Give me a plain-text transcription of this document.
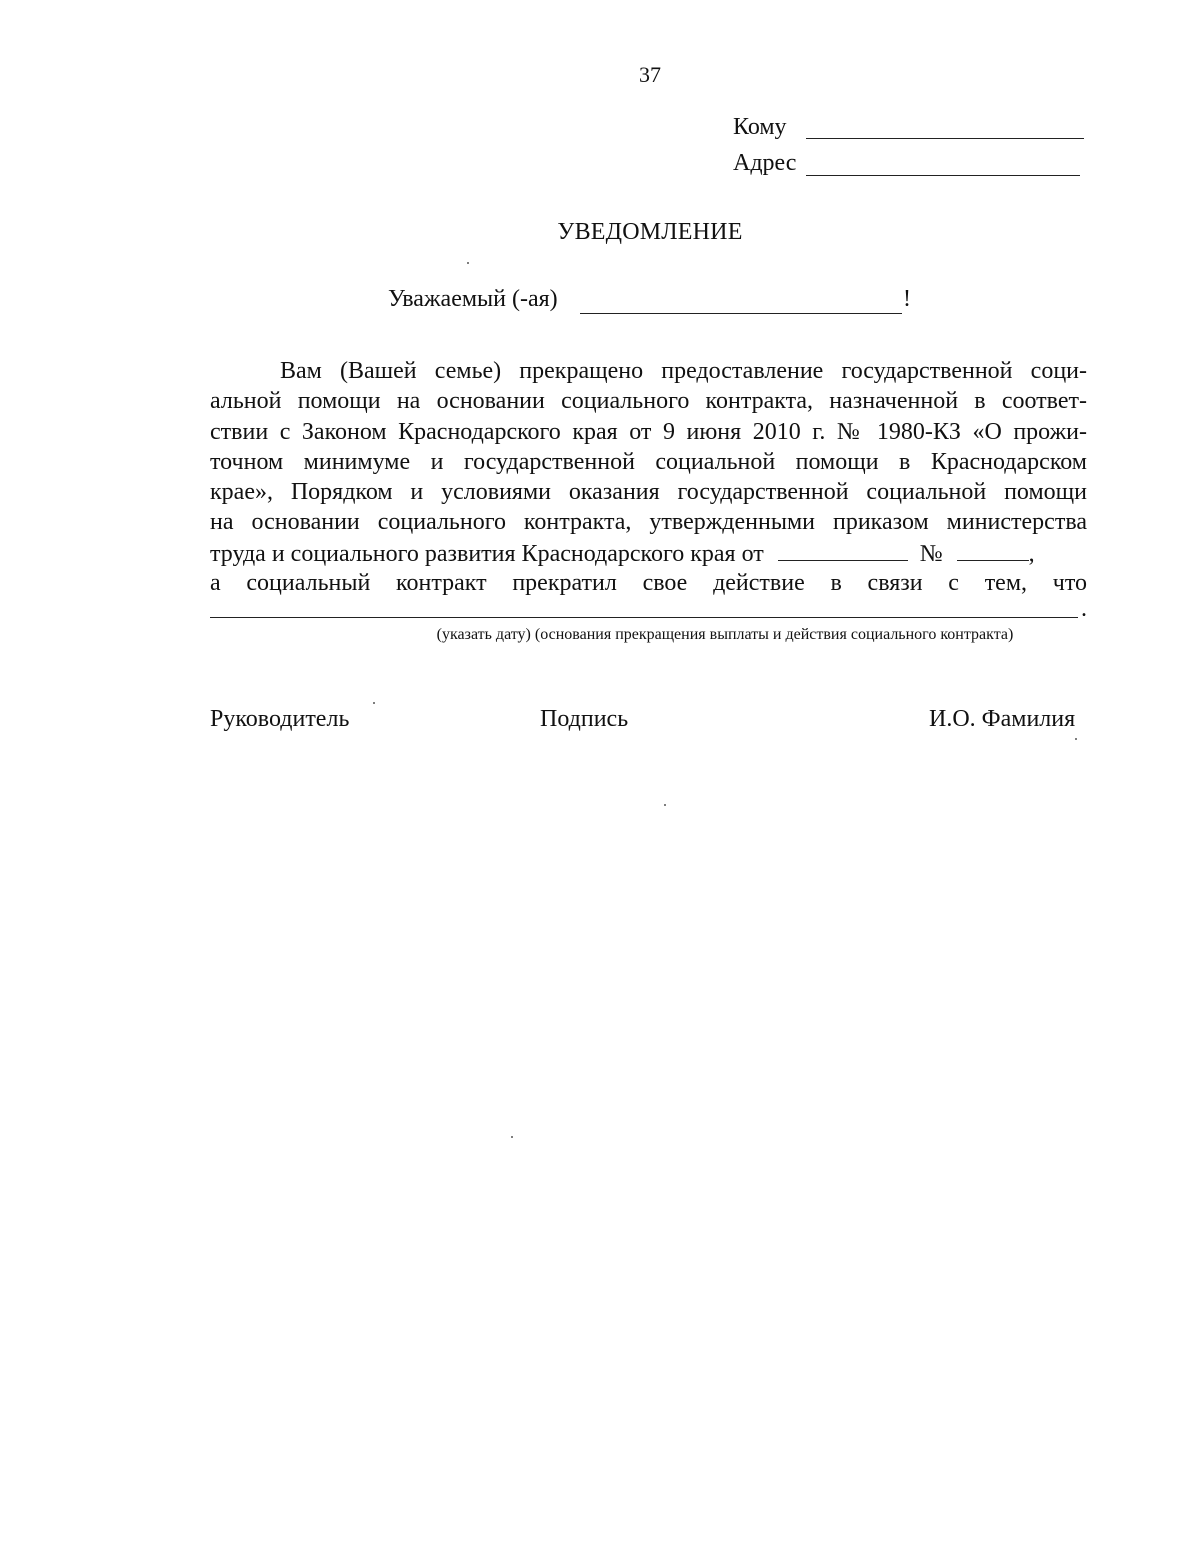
37
Кому
Адрес
УВЕДОМЛЕНИЕ
Уважаемый (-ая)	!
Вам (Вашей семье) прекращено предоставление государственной соци-
альной помощи на основании социального контракта, назначенной в соответ-
ствии с Законом Краснодарского края от 9 июня 2010 г. № 1980-КЗ «О прожи-
точном минимуме и государственной социальной помощи в Краснодарском
крае», Порядком и условиями оказания государственной социальной помощи
на основании социального контракта, утвержденными приказом министерства
труда и социального развития Краснодарского края от	№	,
а социальный контракт прекратил свое действие в связи с тем, что
.
(указать дату) (основания прекращения выплаты и действия социального контракта)
Руководитель	Подпись	И.О. Фамилия
